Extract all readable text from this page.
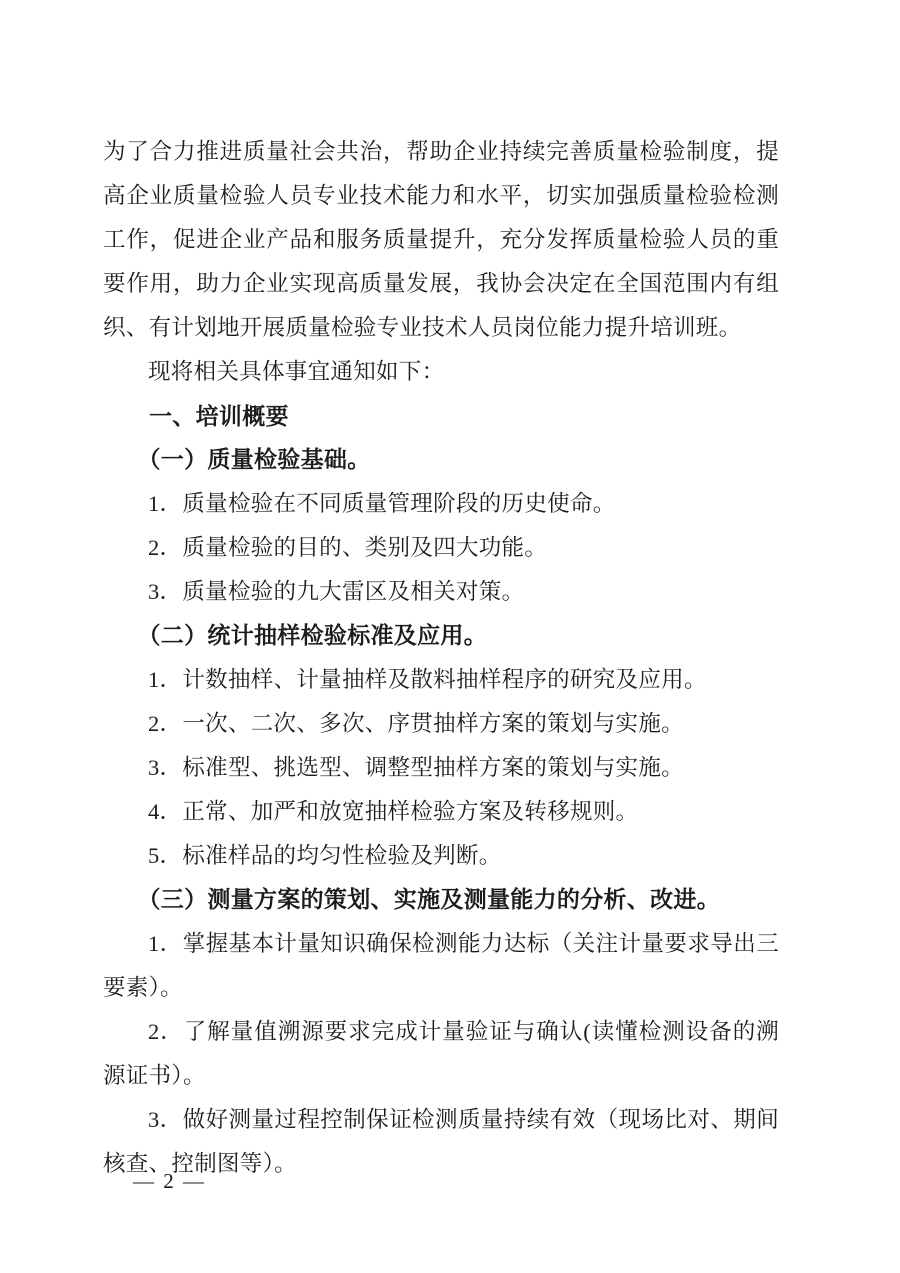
为了合力推进质量社会共治，帮助企业持续完善质量检验制度，提高企业质量检验人员专业技术能力和水平，切实加强质量检验检测工作，促进企业产品和服务质量提升，充分发挥质量检验人员的重要作用，助力企业实现高质量发展，我协会决定在全国范围内有组织、有计划地开展质量检验专业技术人员岗位能力提升培训班。

现将相关具体事宜通知如下：

一、培训概要

（一）质量检验基础。

1．质量检验在不同质量管理阶段的历史使命。

2．质量检验的目的、类别及四大功能。

3．质量检验的九大雷区及相关对策。

（二）统计抽样检验标准及应用。

1．计数抽样、计量抽样及散料抽样程序的研究及应用。

2．一次、二次、多次、序贯抽样方案的策划与实施。

3．标准型、挑选型、调整型抽样方案的策划与实施。

4．正常、加严和放宽抽样检验方案及转移规则。

5．标准样品的均匀性检验及判断。

（三）测量方案的策划、实施及测量能力的分析、改进。

1．掌握基本计量知识确保检测能力达标（关注计量要求导出三要素）。

2．了解量值溯源要求完成计量验证与确认(读懂检测设备的溯源证书）。

3．做好测量过程控制保证检测质量持续有效（现场比对、期间核查、控制图等）。

— 2 —
